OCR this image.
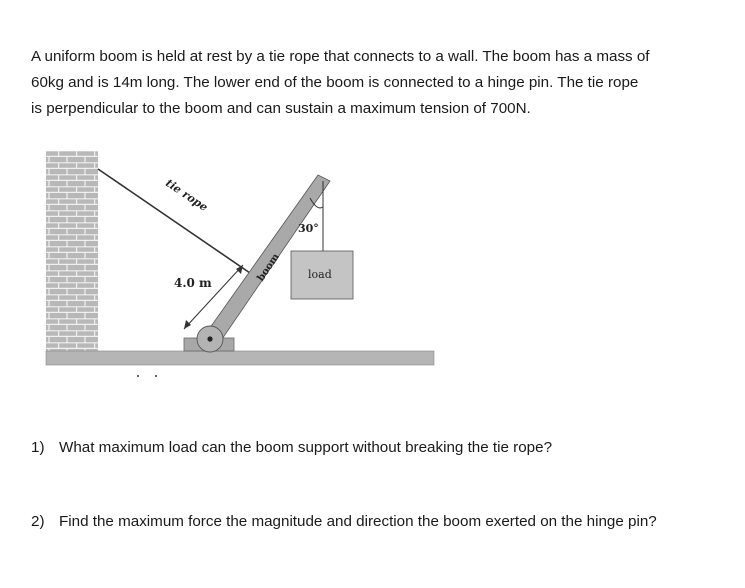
A uniform boom is held at rest by a tie rope that connects to a wall. The boom has a mass of
60kg and is 14m long. The lower end of the boom is connected to a hinge pin. The tie rope
is perpendicular to the boom and can sustain a maximum tension of 700N.
tie rope
4.0 m	boom
30°
load

1) What maximum load can the boom support without breaking the tie rope?

2) Find the maximum force the magnitude and direction the boom exerted on the hinge pin?
